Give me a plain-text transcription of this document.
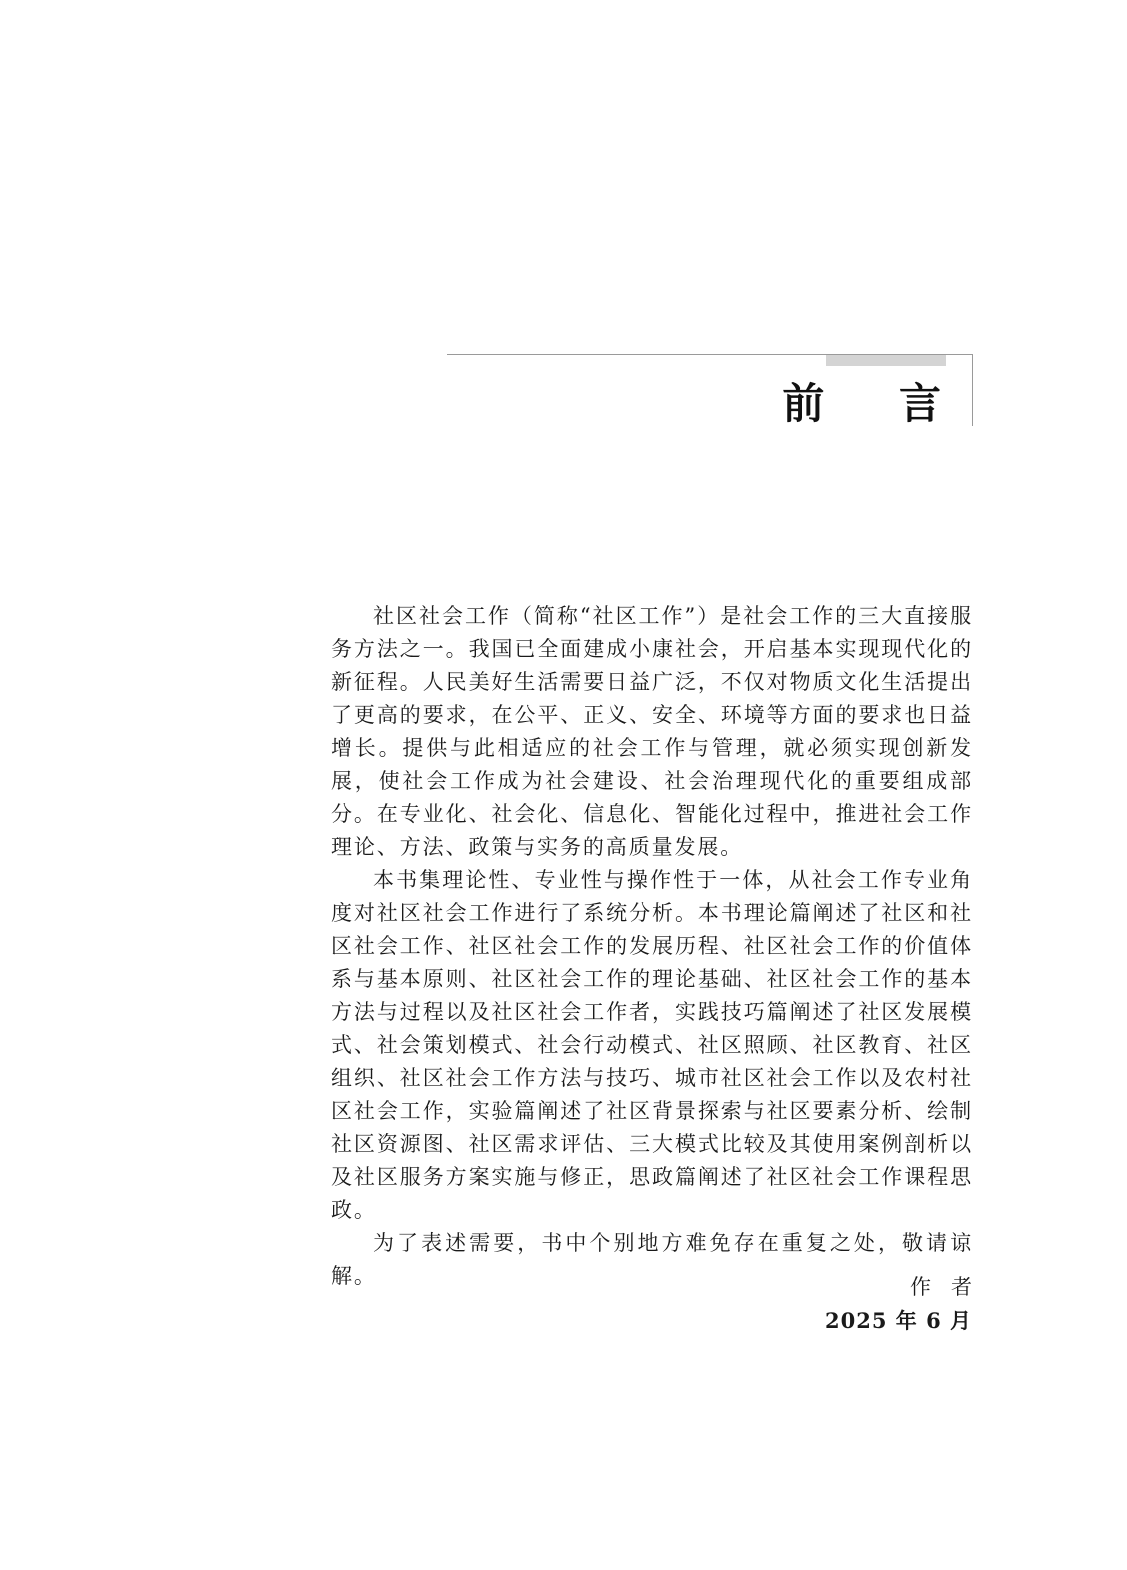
前 言

社区社会工作（简称“社区工作”）是社会工作的三大直接服务方法之一。我国已全面建成小康社会，开启基本实现现代化的新征程。人民美好生活需要日益广泛，不仅对物质文化生活提出了更高的要求，在公平、正义、安全、环境等方面的要求也日益增长。提供与此相适应的社会工作与管理，就必须实现创新发展，使社会工作成为社会建设、社会治理现代化的重要组成部分。在专业化、社会化、信息化、智能化过程中，推进社会工作理论、方法、政策与实务的高质量发展。

本书集理论性、专业性与操作性于一体，从社会工作专业角度对社区社会工作进行了系统分析。本书理论篇阐述了社区和社区社会工作、社区社会工作的发展历程、社区社会工作的价值体系与基本原则、社区社会工作的理论基础、社区社会工作的基本方法与过程以及社区社会工作者，实践技巧篇阐述了社区发展模式、社会策划模式、社会行动模式、社区照顾、社区教育、社区组织、社区社会工作方法与技巧、城市社区社会工作以及农村社区社会工作，实验篇阐述了社区背景探索与社区要素分析、绘制社区资源图、社区需求评估、三大模式比较及其使用案例剖析以及社区服务方案实施与修正，思政篇阐述了社区社会工作课程思政。

为了表述需要，书中个别地方难免存在重复之处，敬请谅解。	作者
2025 年 6 月
